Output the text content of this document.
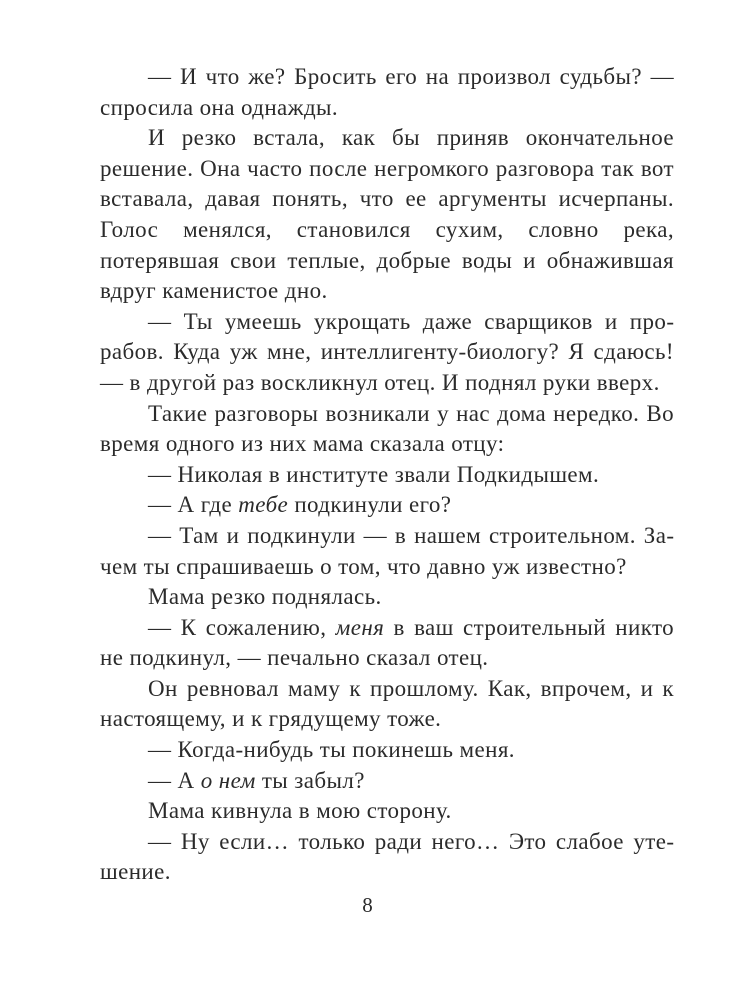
— И что же? Бросить его на произвол судьбы? — спросила она однажды.

И резко встала, как бы приняв окончательное решение. Она часто после негромкого разговора так вот вставала, давая понять, что ее аргументы исчерпаны. Голос менялся, становился сухим, словно река, потерявшая свои теплые, добрые воды и обнажившая вдруг каменистое дно.

— Ты умеешь укрощать даже сварщиков и прорабов. Куда уж мне, интеллигенту-биологу? Я сдаюсь! — в другой раз воскликнул отец. И поднял руки вверх.

Такие разговоры возникали у нас дома нередко. Во время одного из них мама сказала отцу:

— Николая в институте звали Подкидышем.

— А где тебе подкинули его?

— Там и подкинули — в нашем строительном. Зачем ты спрашиваешь о том, что давно уж известно?

Мама резко поднялась.

— К сожалению, меня в ваш строительный никто не подкинул, — печально сказал отец.

Он ревновал маму к прошлому. Как, впрочем, и к настоящему, и к грядущему тоже.

— Когда-нибудь ты покинешь меня.

— А о нем ты забыл?

Мама кивнула в мою сторону.

— Ну если… только ради него… Это слабое утешение.

8
